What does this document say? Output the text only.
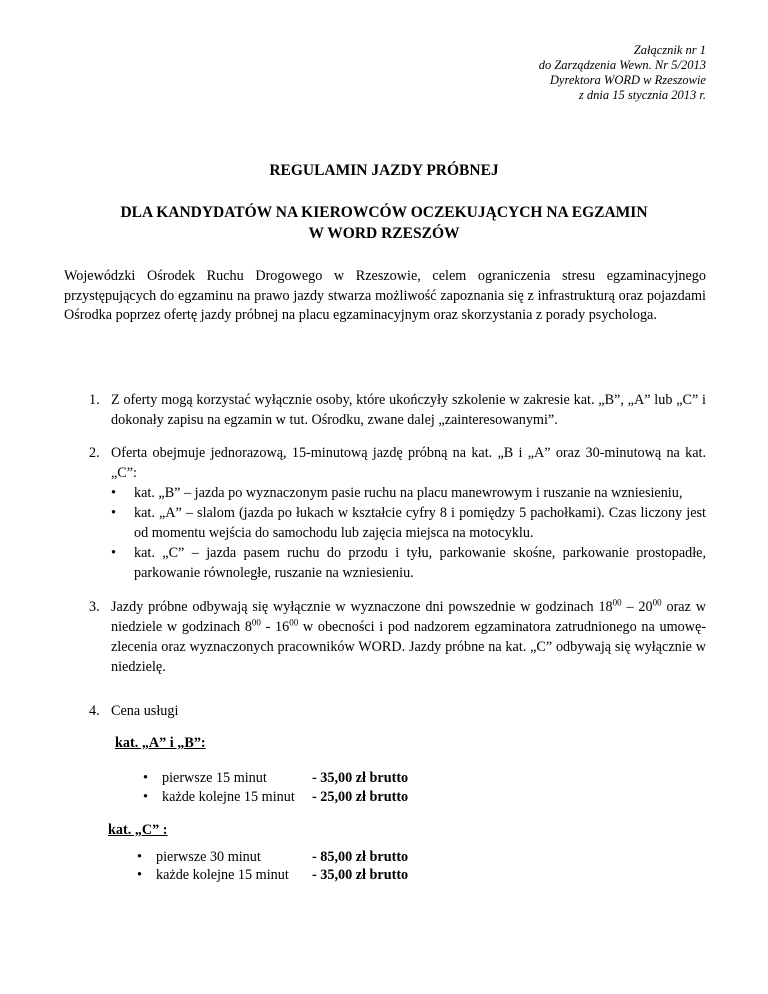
Załącznik nr 1
do Zarządzenia Wewn. Nr 5/2013
Dyrektora WORD w Rzeszowie
z dnia 15 stycznia 2013 r.
REGULAMIN JAZDY PRÓBNEJ
DLA KANDYDATÓW NA KIEROWCÓW OCZEKUJĄCYCH NA EGZAMIN
W WORD RZESZÓW
Wojewódzki Ośrodek Ruchu Drogowego w Rzeszowie, celem ograniczenia stresu egzaminacyjnego przystępujących do egzaminu na prawo jazdy stwarza możliwość zapoznania się z infrastrukturą oraz pojazdami Ośrodka poprzez ofertę jazdy próbnej na placu egzaminacyjnym oraz skorzystania z porady psychologa.
1. Z oferty mogą korzystać wyłącznie osoby, które ukończyły szkolenie w zakresie kat. „B”, „A” lub „C” i dokonały zapisu na egzamin w tut. Ośrodku, zwane dalej „zainteresowanymi”.
2. Oferta obejmuje jednorazową, 15-minutową jazdę próbną na kat. „B i „A” oraz 30-minutową na kat. „C”:
• kat. „B” – jazda po wyznaczonym pasie ruchu na placu manewrowym i ruszanie na wzniesieniu,
• kat. „A” – slalom (jazda po łukach w kształcie cyfry 8 i pomiędzy 5 pachołkami). Czas liczony jest od momentu wejścia do samochodu lub zajęcia miejsca na motocyklu.
• kat. „C” – jazda pasem ruchu do przodu i tyłu, parkowanie skośne, parkowanie prostopadłe, parkowanie równoległe, ruszanie na wzniesieniu.
3. Jazdy próbne odbywają się wyłącznie w wyznaczone dni powszednie w godzinach $18^{00} - 20^{00}$ oraz w niedziele w godzinach $8^{00} - 16^{00}$ w obecności i pod nadzorem egzaminatora zatrudnionego na umowę-zlecenia oraz wyznaczonych pracowników WORD. Jazdy próbne na kat. „C” odbywają się wyłącznie w niedzielę.
4. Cena usługi
kat. „A” i „B”:
• pierwsze 15 minut	- 35,00 zł brutto
• każde kolejne 15 minut - 25,00 zł brutto
kat. „C” :
• pierwsze 30 minut	- 85,00 zł brutto
• każde kolejne 15 minut - 35,00 zł brutto
